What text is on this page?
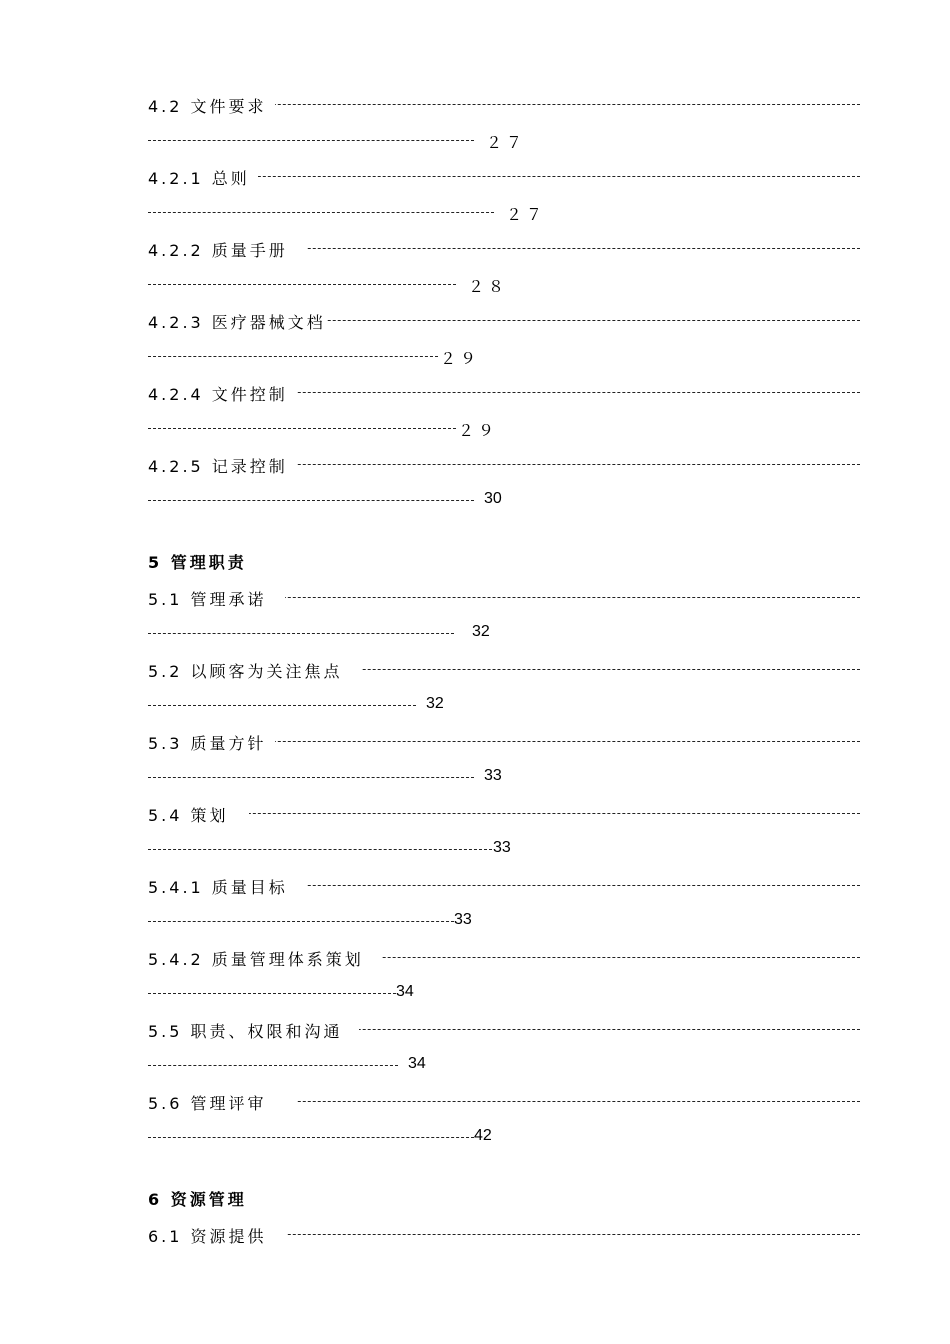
4.2 文件要求
２７
4.2.1 总则
２７
4.2.2 质量手册
２８
4.2.3 医疗器械文档
２９
4.2.4 文件控制
２９
4.2.5 记录控制
30
5 管理职责
5.1 管理承诺
32
5.2 以顾客为关注焦点
32
5.3 质量方针
33
5.4 策划
33
5.4.1 质量目标
33
5.4.2 质量管理体系策划
34
5.5 职责、权限和沟通
34
5.6 管理评审
42
6 资源管理
6.1 资源提供
